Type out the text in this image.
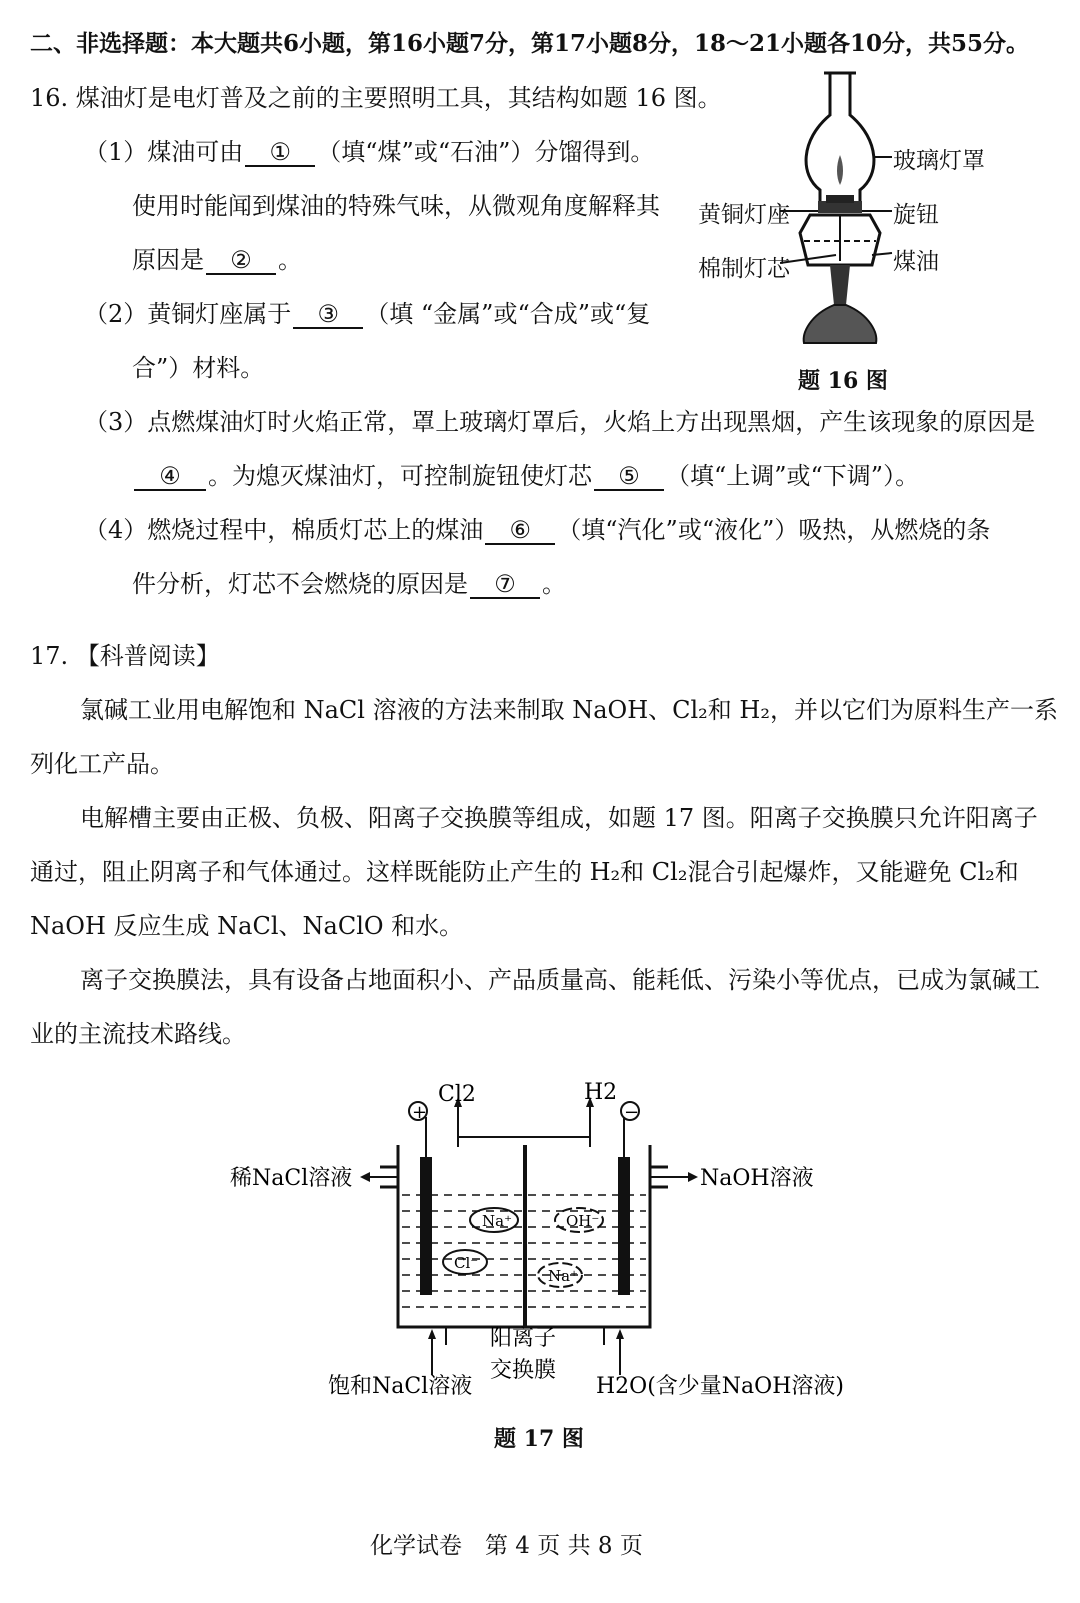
二、非选择题：本大题共6小题，第16小题7分，第17小题8分，18～21小题各10分，共55分。
16. 煤油灯是电灯普及之前的主要照明工具，其结构如题 16 图。
（1）煤油可由 ① （填“煤”或“石油”）分馏得到。
使用时能闻到煤油的特殊气味，从微观角度解释其
原因是 ② 。
（2）黄铜灯座属于 ③ （填 “金属”或“合成”或“复
合”）材料。
（3）点燃煤油灯时火焰正常，罩上玻璃灯罩后，火焰上方出现黑烟，产生该现象的原因是
④ 。为熄灭煤油灯，可控制旋钮使灯芯 ⑤ （填“上调”或“下调”）。
（4）燃烧过程中，棉质灯芯上的煤油 ⑥ （填“汽化”或“液化”）吸热，从燃烧的条
件分析，灯芯不会燃烧的原因是 ⑦ 。
玻璃灯罩
黄铜灯座	旋钮
棉制灯芯	煤油
题 16 图
17. 【科普阅读】
氯碱工业用电解饱和 NaCl 溶液的方法来制取 NaOH、Cl₂和 H₂，并以它们为原料生产一系
列化工产品。
电解槽主要由正极、负极、阳离子交换膜等组成，如题 17 图。阳离子交换膜只允许阳离子
通过，阻止阴离子和气体通过。这样既能防止产生的 H₂和 Cl₂混合引起爆炸，又能避免 Cl₂和
NaOH 反应生成 NaCl、NaClO 和水。
离子交换膜法，具有设备占地面积小、产品质量高、能耗低、污染小等优点，已成为氯碱工
业的主流技术路线。
Cl2	H2
+	−
Na⁺	OH⁻
Cl⁻
Na⁺
稀NaCl溶液	NaOH溶液
阳离子
交换膜
饱和NaCl溶液	H2O(含少量NaOH溶液)
题 17 图
化学试卷　第 4 页 共 8 页
